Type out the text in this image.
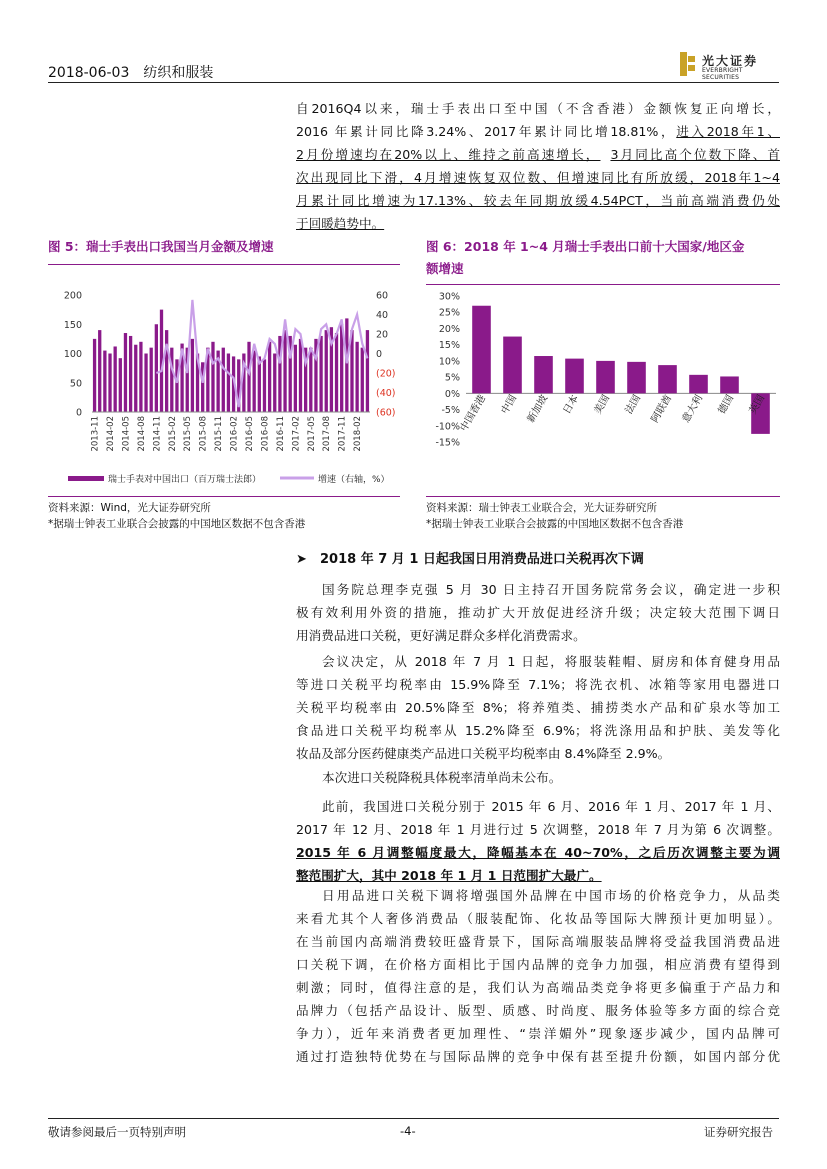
2018-06-03 纺织和服装
光大证券
EVERBRIGHT SECURITIES
自2016Q4以来，瑞士手表出口至中国（不含香港）金额恢复正向增长，
2016 年累计同比降3.24%、2017年累计同比增18.81%，进入2018年1、
2月份增速均在20%以上、维持之前高速增长， 3月同比高个位数下降、首
次出现同比下滑，4月增速恢复双位数、但增速同比有所放缓，2018年1~4
月累计同比增速为17.13%、较去年同期放缓4.54PCT，当前高端消费仍处
于回暖趋势中。
图 5：瑞士手表出口我国当月金额及增速
0
50
100
150
200
(60)
(40)
(20)
0
20
40
60
2013-11 2014-02 2014-05 2014-08 2014-11 2015-02 2015-05 2015-08 2015-11 2016-02 2016-05 2016-08 2016-11 2017-02 2017-05 2017-08 2017-11 2018-02
瑞士手表对中国出口（百万瑞士法郎）	增速（右轴，%）
资料来源：Wind，光大证券研究所
*据瑞士钟表工业联合会披露的中国地区数据不包含香港
图 6：2018 年 1~4 月瑞士手表出口前十大国家/地区金
额增速
30%
25%
20%
15%
10%
5%
0%
-5%
-10%
-15%
中国香港 中国 新加坡 日本 美国 法国 阿联酋 意大利 德国 英国
资料来源：瑞士钟表工业联合会，光大证券研究所
*据瑞士钟表工业联合会披露的中国地区数据不包含香港
➤ 2018 年 7 月 1 日起我国日用消费品进口关税再次下调
国务院总理李克强 5 月 30 日主持召开国务院常务会议，确定进一步积
极有效利用外资的措施，推动扩大开放促进经济升级；决定较大范围下调日
用消费品进口关税，更好满足群众多样化消费需求。
会议决定，从 2018 年 7 月 1 日起，将服装鞋帽、厨房和体育健身用品
等进口关税平均税率由 15.9%降至 7.1%；将洗衣机、冰箱等家用电器进口
关税平均税率由 20.5%降至 8%；将养殖类、捕捞类水产品和矿泉水等加工
食品进口关税平均税率从 15.2%降至 6.9%；将洗涤用品和护肤、美发等化
妆品及部分医药健康类产品进口关税平均税率由 8.4%降至 2.9%。
本次进口关税降税具体税率清单尚未公布。
此前，我国进口关税分别于 2015 年 6 月、2016 年 1 月、2017 年 1 月、
2017 年 12 月、2018 年 1 月进行过 5 次调整，2018 年 7 月为第 6 次调整。
2015 年 6 月调整幅度最大，降幅基本在 40~70%，之后历次调整主要为调
整范围扩大，其中 2018 年 1 月 1 日范围扩大最广。
日用品进口关税下调将增强国外品牌在中国市场的价格竞争力，从品类
来看尤其个人奢侈消费品（服装配饰、化妆品等国际大牌预计更加明显）。
在当前国内高端消费较旺盛背景下，国际高端服装品牌将受益我国消费品进
口关税下调，在价格方面相比于国内品牌的竞争力加强，相应消费有望得到
刺激；同时，值得注意的是，我们认为高端品类竞争将更多偏重于产品力和
品牌力（包括产品设计、版型、质感、时尚度、服务体验等多方面的综合竞
争力），近年来消费者更加理性、“崇洋媚外”现象逐步减少，国内品牌可
通过打造独特优势在与国际品牌的竞争中保有甚至提升份额，如国内部分优
敬请参阅最后一页特别声明	-4-	证券研究报告
